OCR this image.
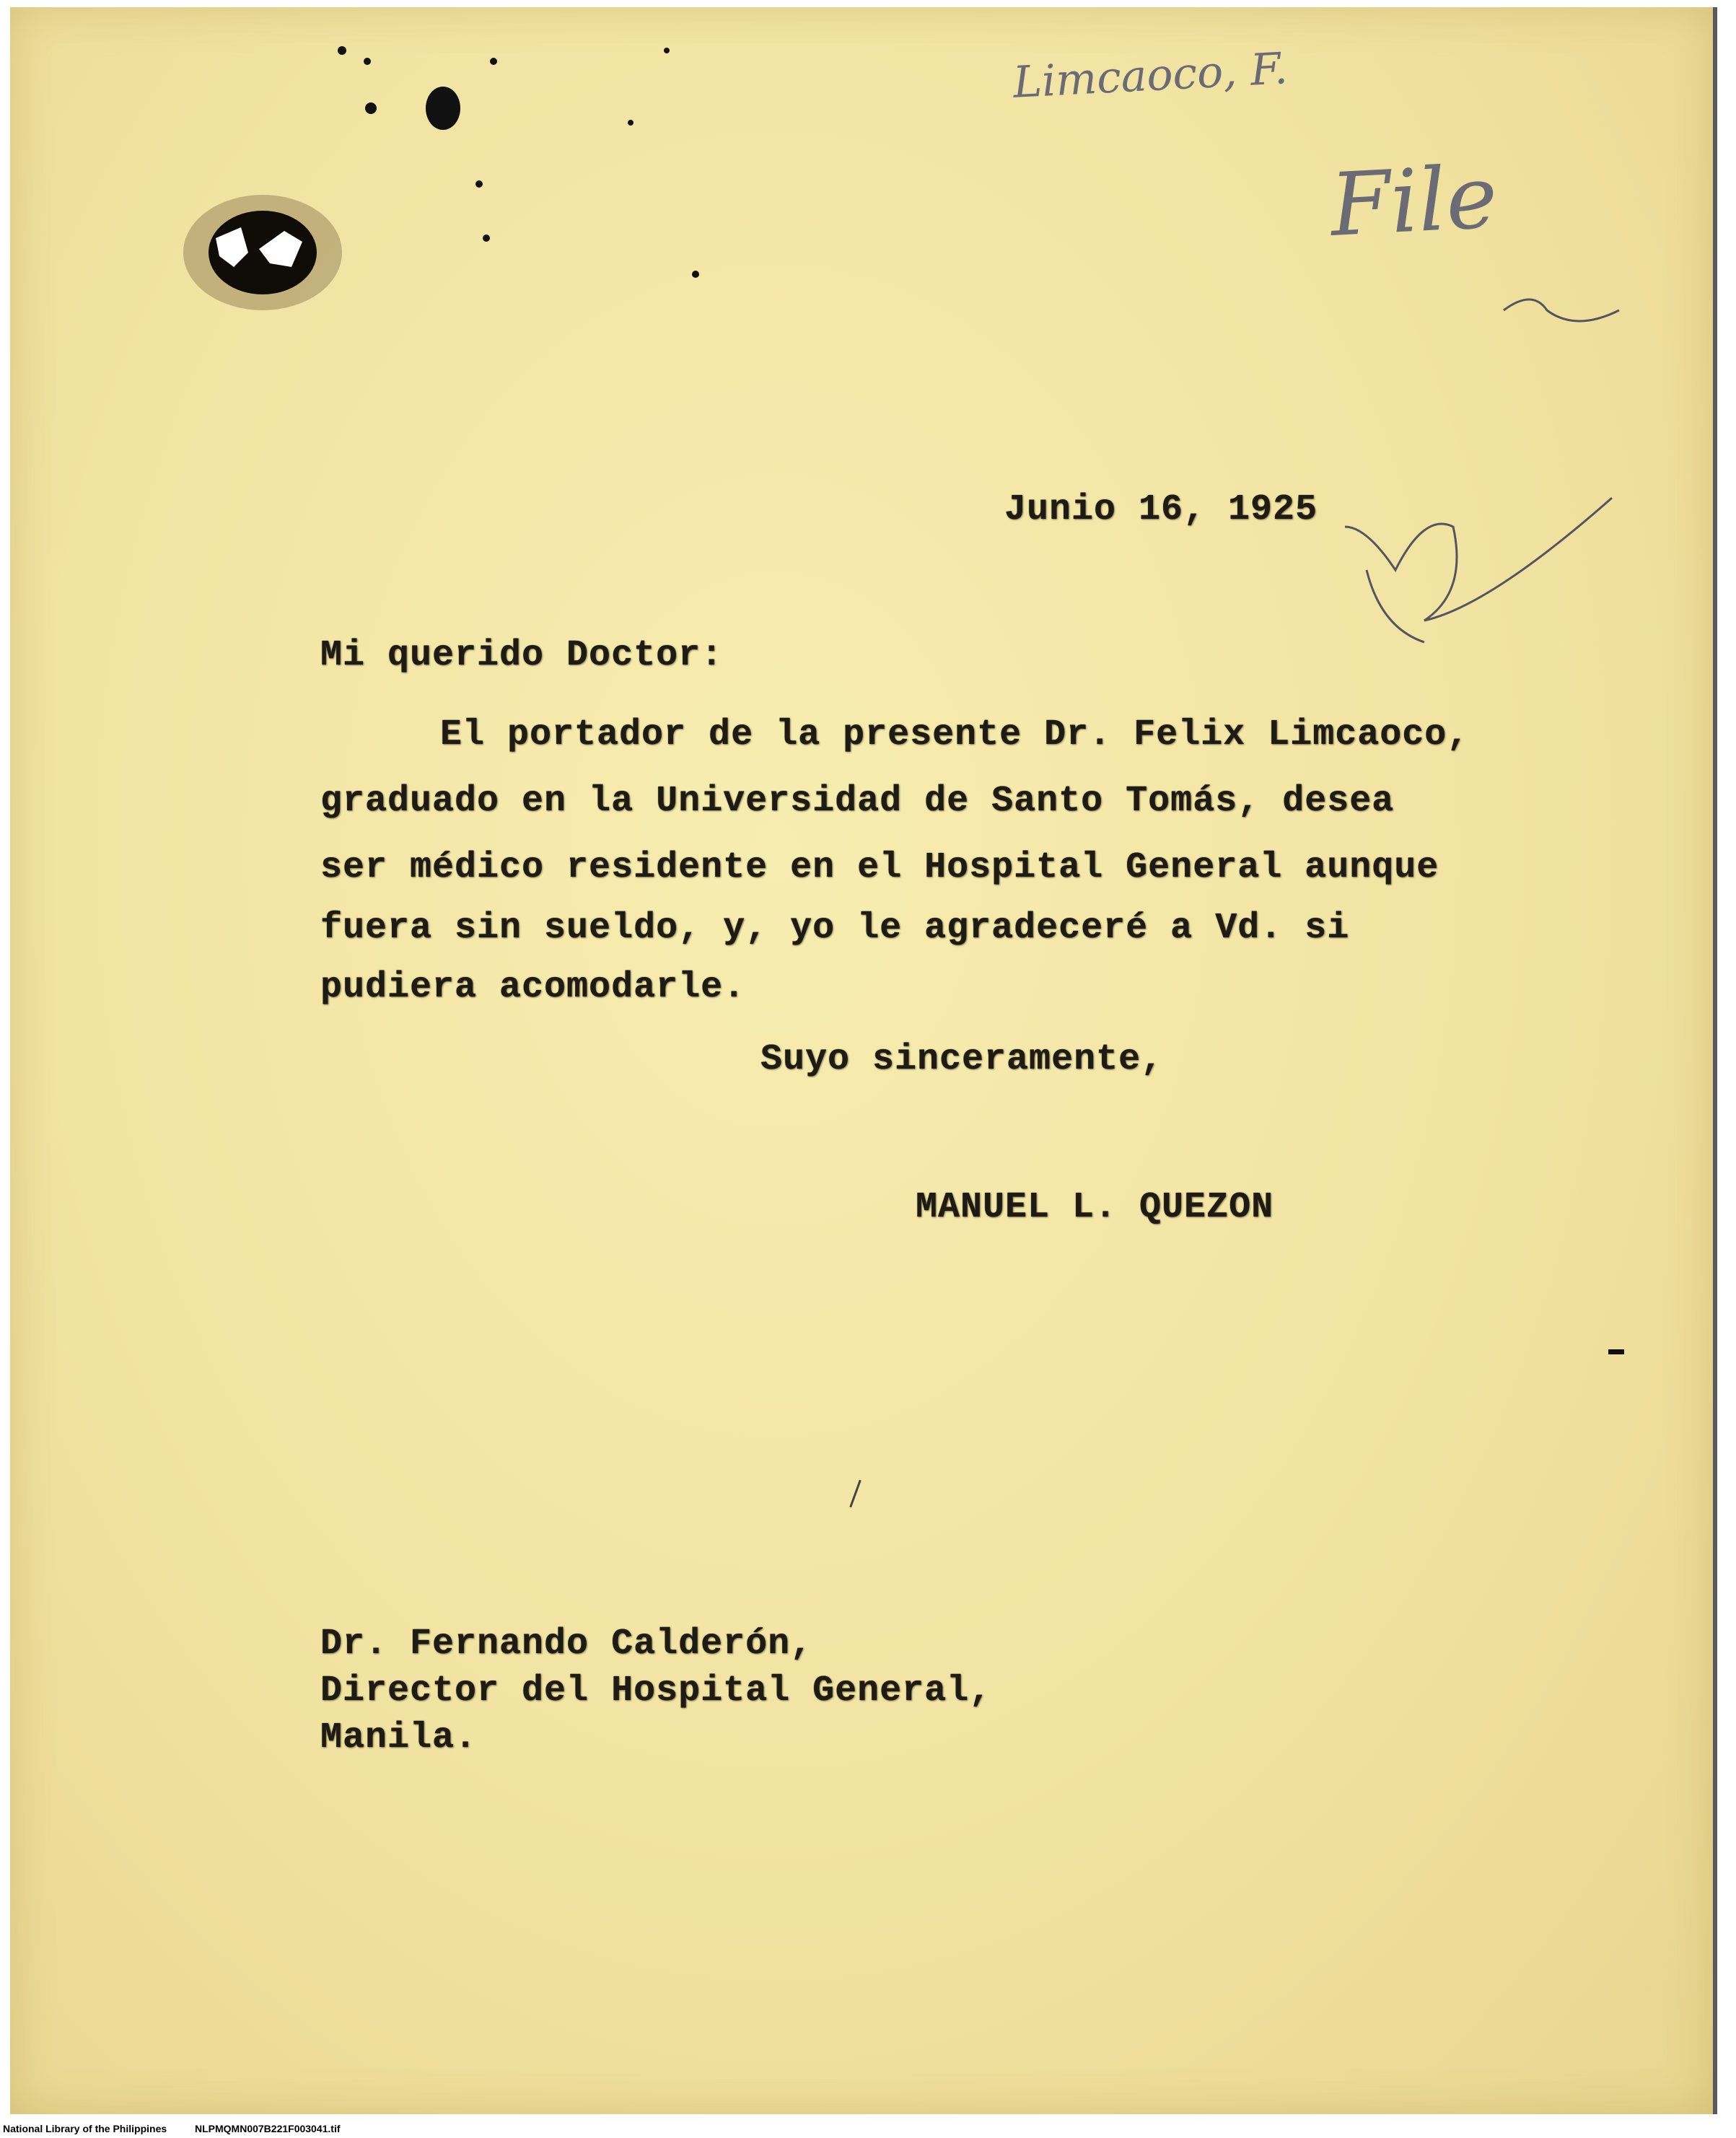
Limcaoco, F.
File
Junio 16, 1925
Mi querido Doctor:
El portador de la presente Dr. Felix Limcaoco,
graduado en la Universidad de Santo Tomás, desea
ser médico residente en el Hospital General aunque
fuera sin sueldo, y, yo le agradeceré a Vd. si
pudiera acomodarle.
Suyo sinceramente,
MANUEL L. QUEZON
Dr. Fernando Calderón,
Director del Hospital General,
Manila.
National Library of the Philippines	NLPMQMN007B221F003041.tif
